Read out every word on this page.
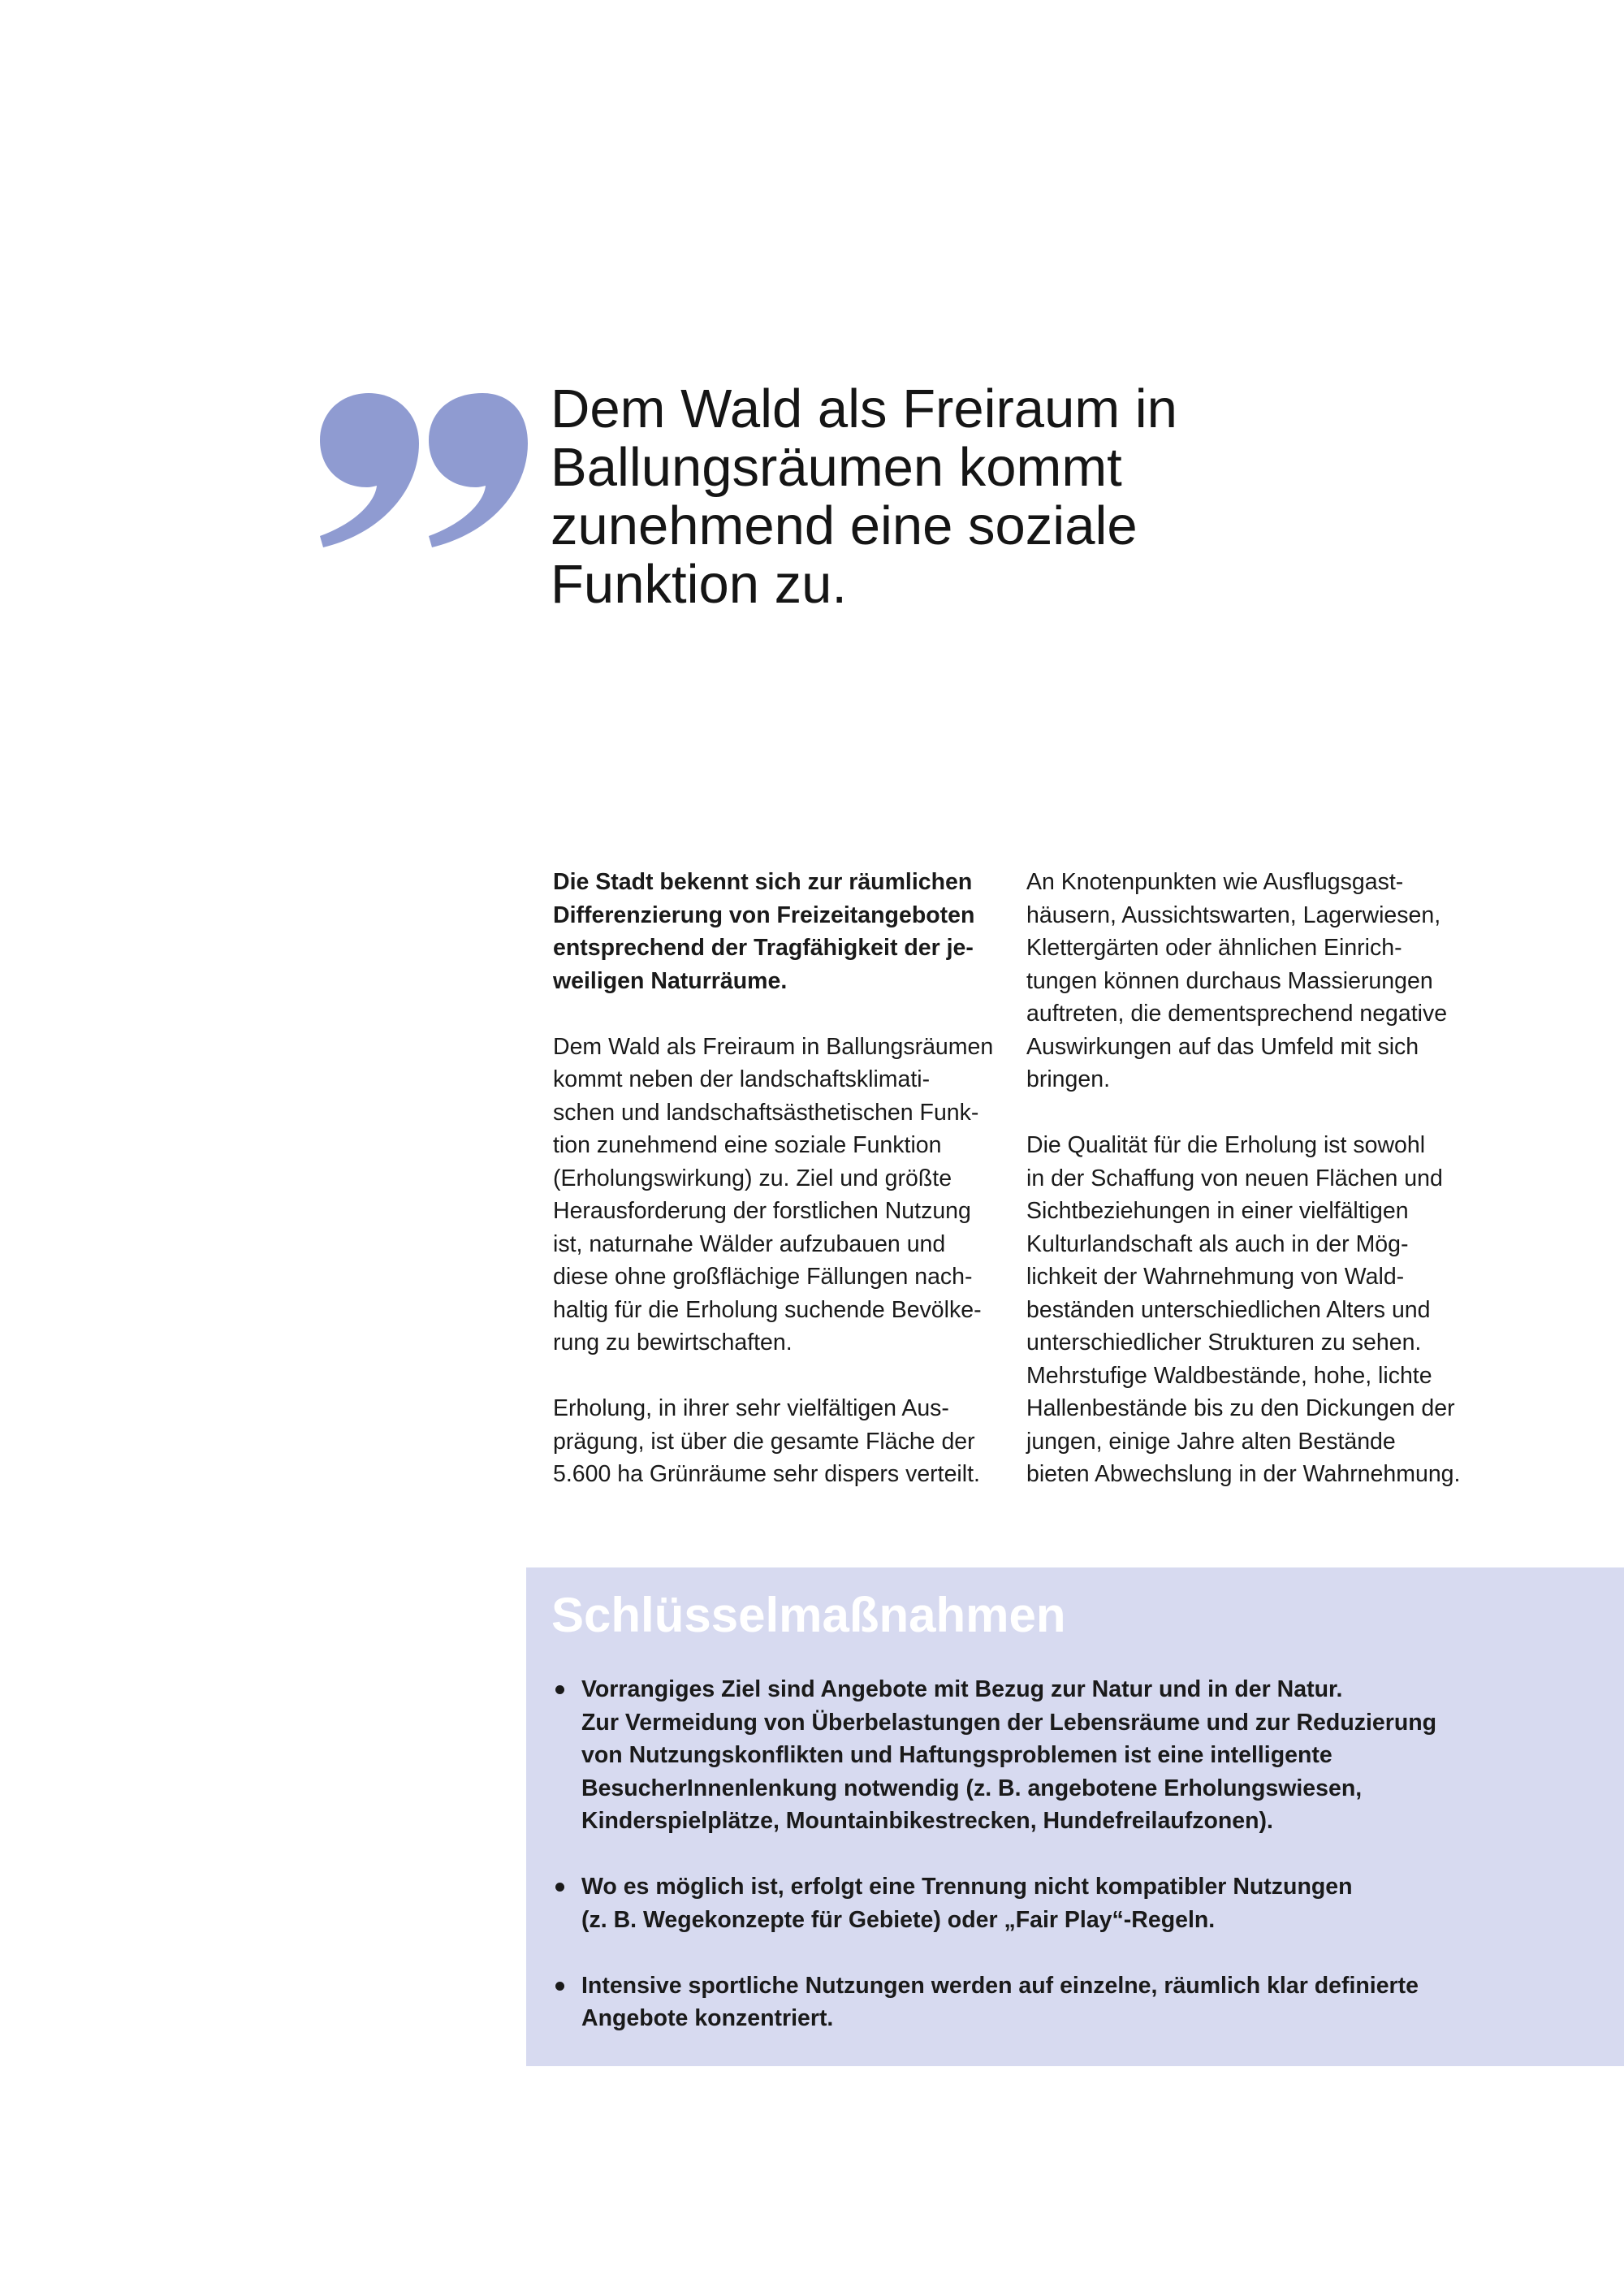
Dem Wald als Freiraum in
Ballungsräumen kommt
zunehmend eine soziale
Funktion zu.

Die Stadt bekennt sich zur räumlichen
Differenzierung von Freizeitangeboten
entsprechend der Tragfähigkeit der je-
weiligen Naturräume.

Dem Wald als Freiraum in Ballungsräumen
kommt neben der landschaftsklimati-
schen und landschaftsästhetischen Funk-
tion zunehmend eine soziale Funktion
(Erholungswirkung) zu. Ziel und größte
Herausforderung der forstlichen Nutzung
ist, naturnahe Wälder aufzubauen und
diese ohne großflächige Fällungen nach-
haltig für die Erholung suchende Bevölke-
rung zu bewirtschaften.

Erholung, in ihrer sehr vielfältigen Aus-
prägung, ist über die gesamte Fläche der
5.600 ha Grünräume sehr dispers verteilt.

An Knotenpunkten wie Ausflugsgast-
häusern, Aussichtswarten, Lagerwiesen,
Klettergärten oder ähnlichen Einrich-
tungen können durchaus Massierungen
auftreten, die dementsprechend negative
Auswirkungen auf das Umfeld mit sich
bringen.

Die Qualität für die Erholung ist sowohl
in der Schaffung von neuen Flächen und
Sichtbeziehungen in einer vielfältigen
Kulturlandschaft als auch in der Mög-
lichkeit der Wahrnehmung von Wald-
beständen unterschiedlichen Alters und
unterschiedlicher Strukturen zu sehen.
Mehrstufige Waldbestände, hohe, lichte
Hallenbestände bis zu den Dickungen der
jungen, einige Jahre alten Bestände
bieten Abwechslung in der Wahrnehmung.

Schlüsselmaßnahmen
Vorrangiges Ziel sind Angebote mit Bezug zur Natur und in der Natur.
Zur Vermeidung von Überbelastungen der Lebensräume und zur Reduzierung
von Nutzungskonflikten und Haftungsproblemen ist eine intelligente
BesucherInnenlenkung notwendig (z. B. angebotene Erholungswiesen,
Kinderspielplätze, Mountainbikestrecken, Hundefreilaufzonen).
Wo es möglich ist, erfolgt eine Trennung nicht kompatibler Nutzungen
(z. B. Wegekonzepte für Gebiete) oder „Fair Play“-Regeln.
Intensive sportliche Nutzungen werden auf einzelne, räumlich klar definierte
Angebote konzentriert.
